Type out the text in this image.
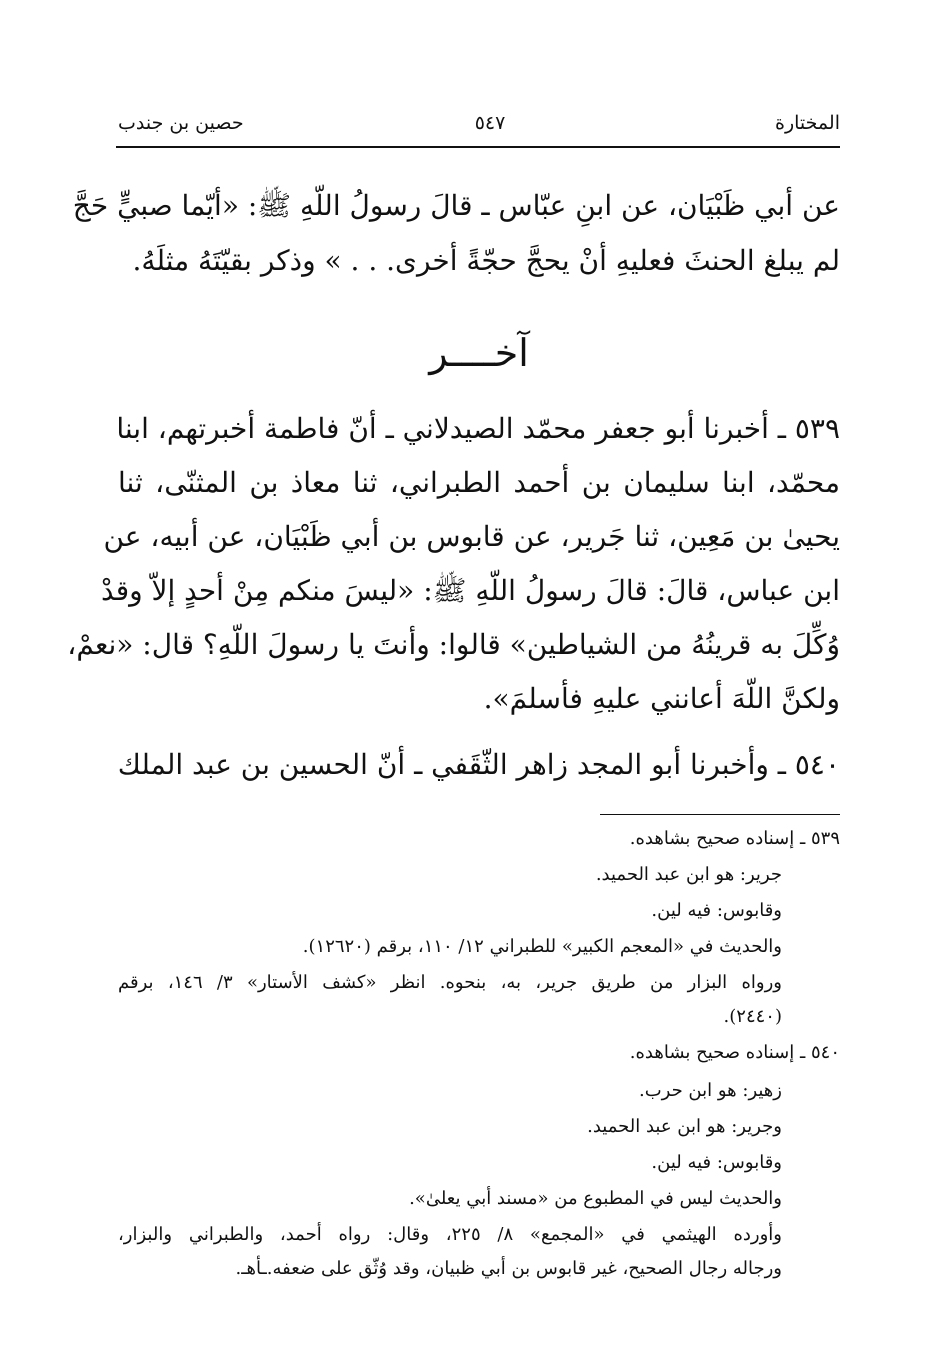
المختارة
٥٤٧
حصين بن جندب
عن أبي ظَبْيَان، عن ابنِ عبّاس ـ قالَ رسولُ اللّهِ ﷺ: «أيّما صبيٍّ حَجَّ
لم يبلغ الحنثَ فعليهِ أنْ يحجَّ حجّةً أخرى. . . » وذكر بقيّتَهُ مثلَهُ.
آخــــر
٥٣٩ ـ أخبرنا أبو جعفر محمّد الصيدلاني ـ أنّ فاطمة أخبرتهم، ابنا
محمّد، ابنا سليمان بن أحمد الطبراني، ثنا معاذ بن المثنّى، ثنا
يحيىٰ بن مَعِين، ثنا جَرير، عن قابوس بن أبي ظَبْيَان، عن أبيه، عن
ابن عباس، قالَ: قالَ رسولُ اللّهِ ﷺ: «ليسَ منكم مِنْ أحدٍ إلاّ وقدْ
وُكِّلَ به قرينُهُ من الشياطين» قالوا: وأنتَ يا رسولَ اللّهِ؟ قال: «نعمْ،
ولكنَّ اللّهَ أعانني عليهِ فأسلمَ».
٥٤٠ ـ وأخبرنا أبو المجد زاهر الثّقَفي ـ أنّ الحسين بن عبد الملك
٥٣٩ ـ إسناده صحيح بشاهده.
جرير: هو ابن عبد الحميد.
وقابوس: فيه لين.
والحديث في «المعجم الكبير» للطبراني ١٢/ ١١٠، برقم (١٢٦٢٠).
ورواه البزار من طريق جرير، به، بنحوه. انظر «كشف الأستار» ٣/ ١٤٦، برقم
(٢٤٤٠).
٥٤٠ ـ إسناده صحيح بشاهده.
زهير: هو ابن حرب.
وجرير: هو ابن عبد الحميد.
وقابوس: فيه لين.
والحديث ليس في المطبوع من «مسند أبي يعلىٰ».
وأورده الهيثمي في «المجمع» ٨/ ٢٢٥، وقال: رواه أحمد، والطبراني والبزار،
ورجاله رجال الصحيح، غير قابوس بن أبي ظبيان، وقد وُثّق على ضعفه.ـأهـ.
